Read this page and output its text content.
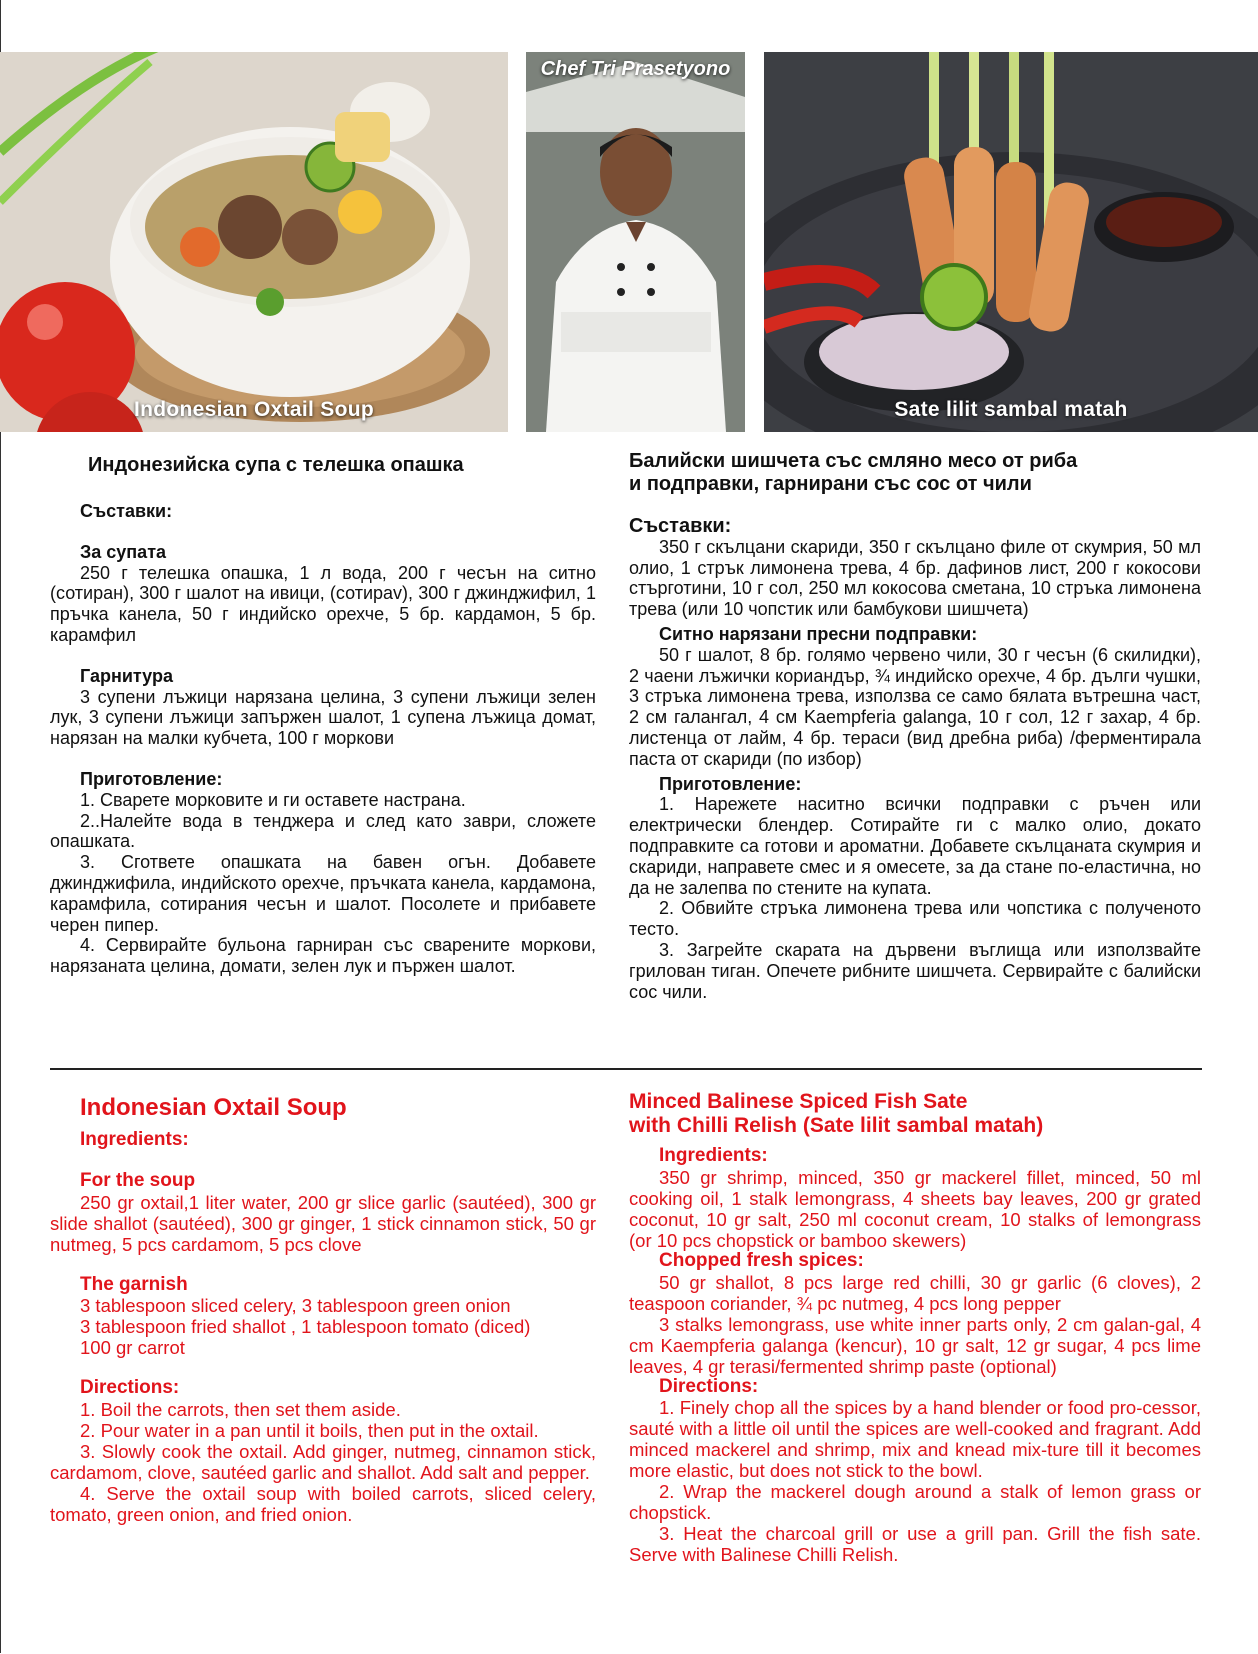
Indonesian Oxtail Soup
Chef Tri Prasetyono
Sate lilit sambal matah

Индонезийска супа с телешка опашка

Съставки:

За супата

250 г телешка опашка, 1 л вода, 200 г чесън на ситно (сотиран), 300 г шалот на ивици, (сотираv), 300 г джинджифил, 1 пръчка канела, 50 г индийско орехче, 5 бр. кардамон, 5 бр. карамфил

Гарнитура

3 супени лъжици нарязана целина, 3 супени лъжици зелен лук, 3 супени лъжици запържен шалот, 1 супена лъжица домат, нарязан на малки кубчета, 100 г моркови

Приготовление:

1. Сварете морковите и ги оставете настрана.

2..Налейте вода в тенджера и след като заври, сложете опашката.

3. Сгответе опашката на бавен огън. Добавете джинджифила, индийското орехче, пръчката канела, кардамона, карамфила, сотирания чесън и шалот. Посолете и прибавете черен пипер.

4. Сервирайте бульона гарниран със сварените моркови, нарязаната целина, домати, зелен лук и пържен шалот.

Балийски шишчета със смляно месо от риба

и подправки, гарнирани със сос от чили

Съставки:

350 г скълцани скариди, 350 г скълцано филе от скумрия, 50 мл олио, 1 стрък лимонена трева, 4 бр. дафинов лист, 200 г кокосови стърготини, 10 г сол, 250 мл кокосова сметана, 10 стръка лимонена трева (или 10 чопстик или бамбукови шишчета)

Ситно нарязани пресни подправки:

50 г шалот, 8 бр. голямо червено чили, 30 г чесън (6 скилидки), 2 чаени лъжички кориандър, ¾ индийско орехче, 4 бр. дълги чушки, 3 стръка лимонена трева, използва се само бялата вътрешна част, 2 см галангал, 4 см Kaempferia galanga, 10 г сол, 12 г захар, 4 бр. листенца от лайм, 4 бр. тераси (вид дребна риба) /ферментирала паста от скариди (по избор)

Приготовление:

1. Нарежете наситно всички подправки с ръчен или електрически блендер. Сотирайте ги с малко олио, докато подправките са готови и ароматни. Добавете скълцаната скумрия и скариди, направете смес и я омесете, за да стане по-еластична, но да не залепва по стените на купата.

2. Обвийте стръка лимонена трева или чопстика с полученото тесто.

3. Загрейте скарата на дървени въглища или използвайте грилован тиган. Опечете рибните шишчета. Сервирайте с балийски сос чили.

Indonesian Oxtail Soup

Ingredients:

For the soup

250 gr oxtail,1 liter water, 200 gr slice garlic (sautéed), 300 gr slide shallot (sautéed), 300 gr ginger, 1 stick cinnamon stick, 50 gr nutmeg, 5 pcs cardamom, 5 pcs clove

The garnish

3 tablespoon sliced celery, 3 tablespoon green onion

3 tablespoon fried shallot , 1 tablespoon tomato (diced)

100 gr carrot

Directions:

1. Boil the carrots, then set them aside.

2. Pour water in a pan until it boils, then put in the oxtail.

3. Slowly cook the oxtail. Add ginger, nutmeg, cinnamon stick, cardamom, clove, sautéed garlic and shallot. Add salt and pepper.

4. Serve the oxtail soup with boiled carrots, sliced celery, tomato, green onion, and fried onion.

Minced Balinese Spiced Fish Sate

with Chilli Relish (Sate lilit sambal matah)

Ingredients:

350 gr shrimp, minced, 350 gr mackerel fillet, minced, 50 ml cooking oil, 1 stalk lemongrass, 4 sheets bay leaves, 200 gr grated coconut, 10 gr salt, 250 ml coconut cream, 10 stalks of lemongrass (or 10 pcs chopstick or bamboo skewers)

Chopped fresh spices:

50 gr shallot, 8 pcs large red chilli, 30 gr garlic (6 cloves), 2 teaspoon coriander, ¾ pc nutmeg, 4 pcs long pepper

3 stalks lemongrass, use white inner parts only, 2 cm galan-gal, 4 cm Kaempferia galanga (kencur), 10 gr salt, 12 gr sugar, 4 pcs lime leaves, 4 gr terasi/fermented shrimp paste (optional)

Directions:

1. Finely chop all the spices by a hand blender or food pro-cessor, sauté with a little oil until the spices are well-cooked and fragrant. Add minced mackerel and shrimp, mix and knead mix-ture till it becomes more elastic, but does not stick to the bowl.

2. Wrap the mackerel dough around a stalk of lemon grass or chopstick.

3. Heat the charcoal grill or use a grill pan. Grill the fish sate. Serve with Balinese Chilli Relish.
